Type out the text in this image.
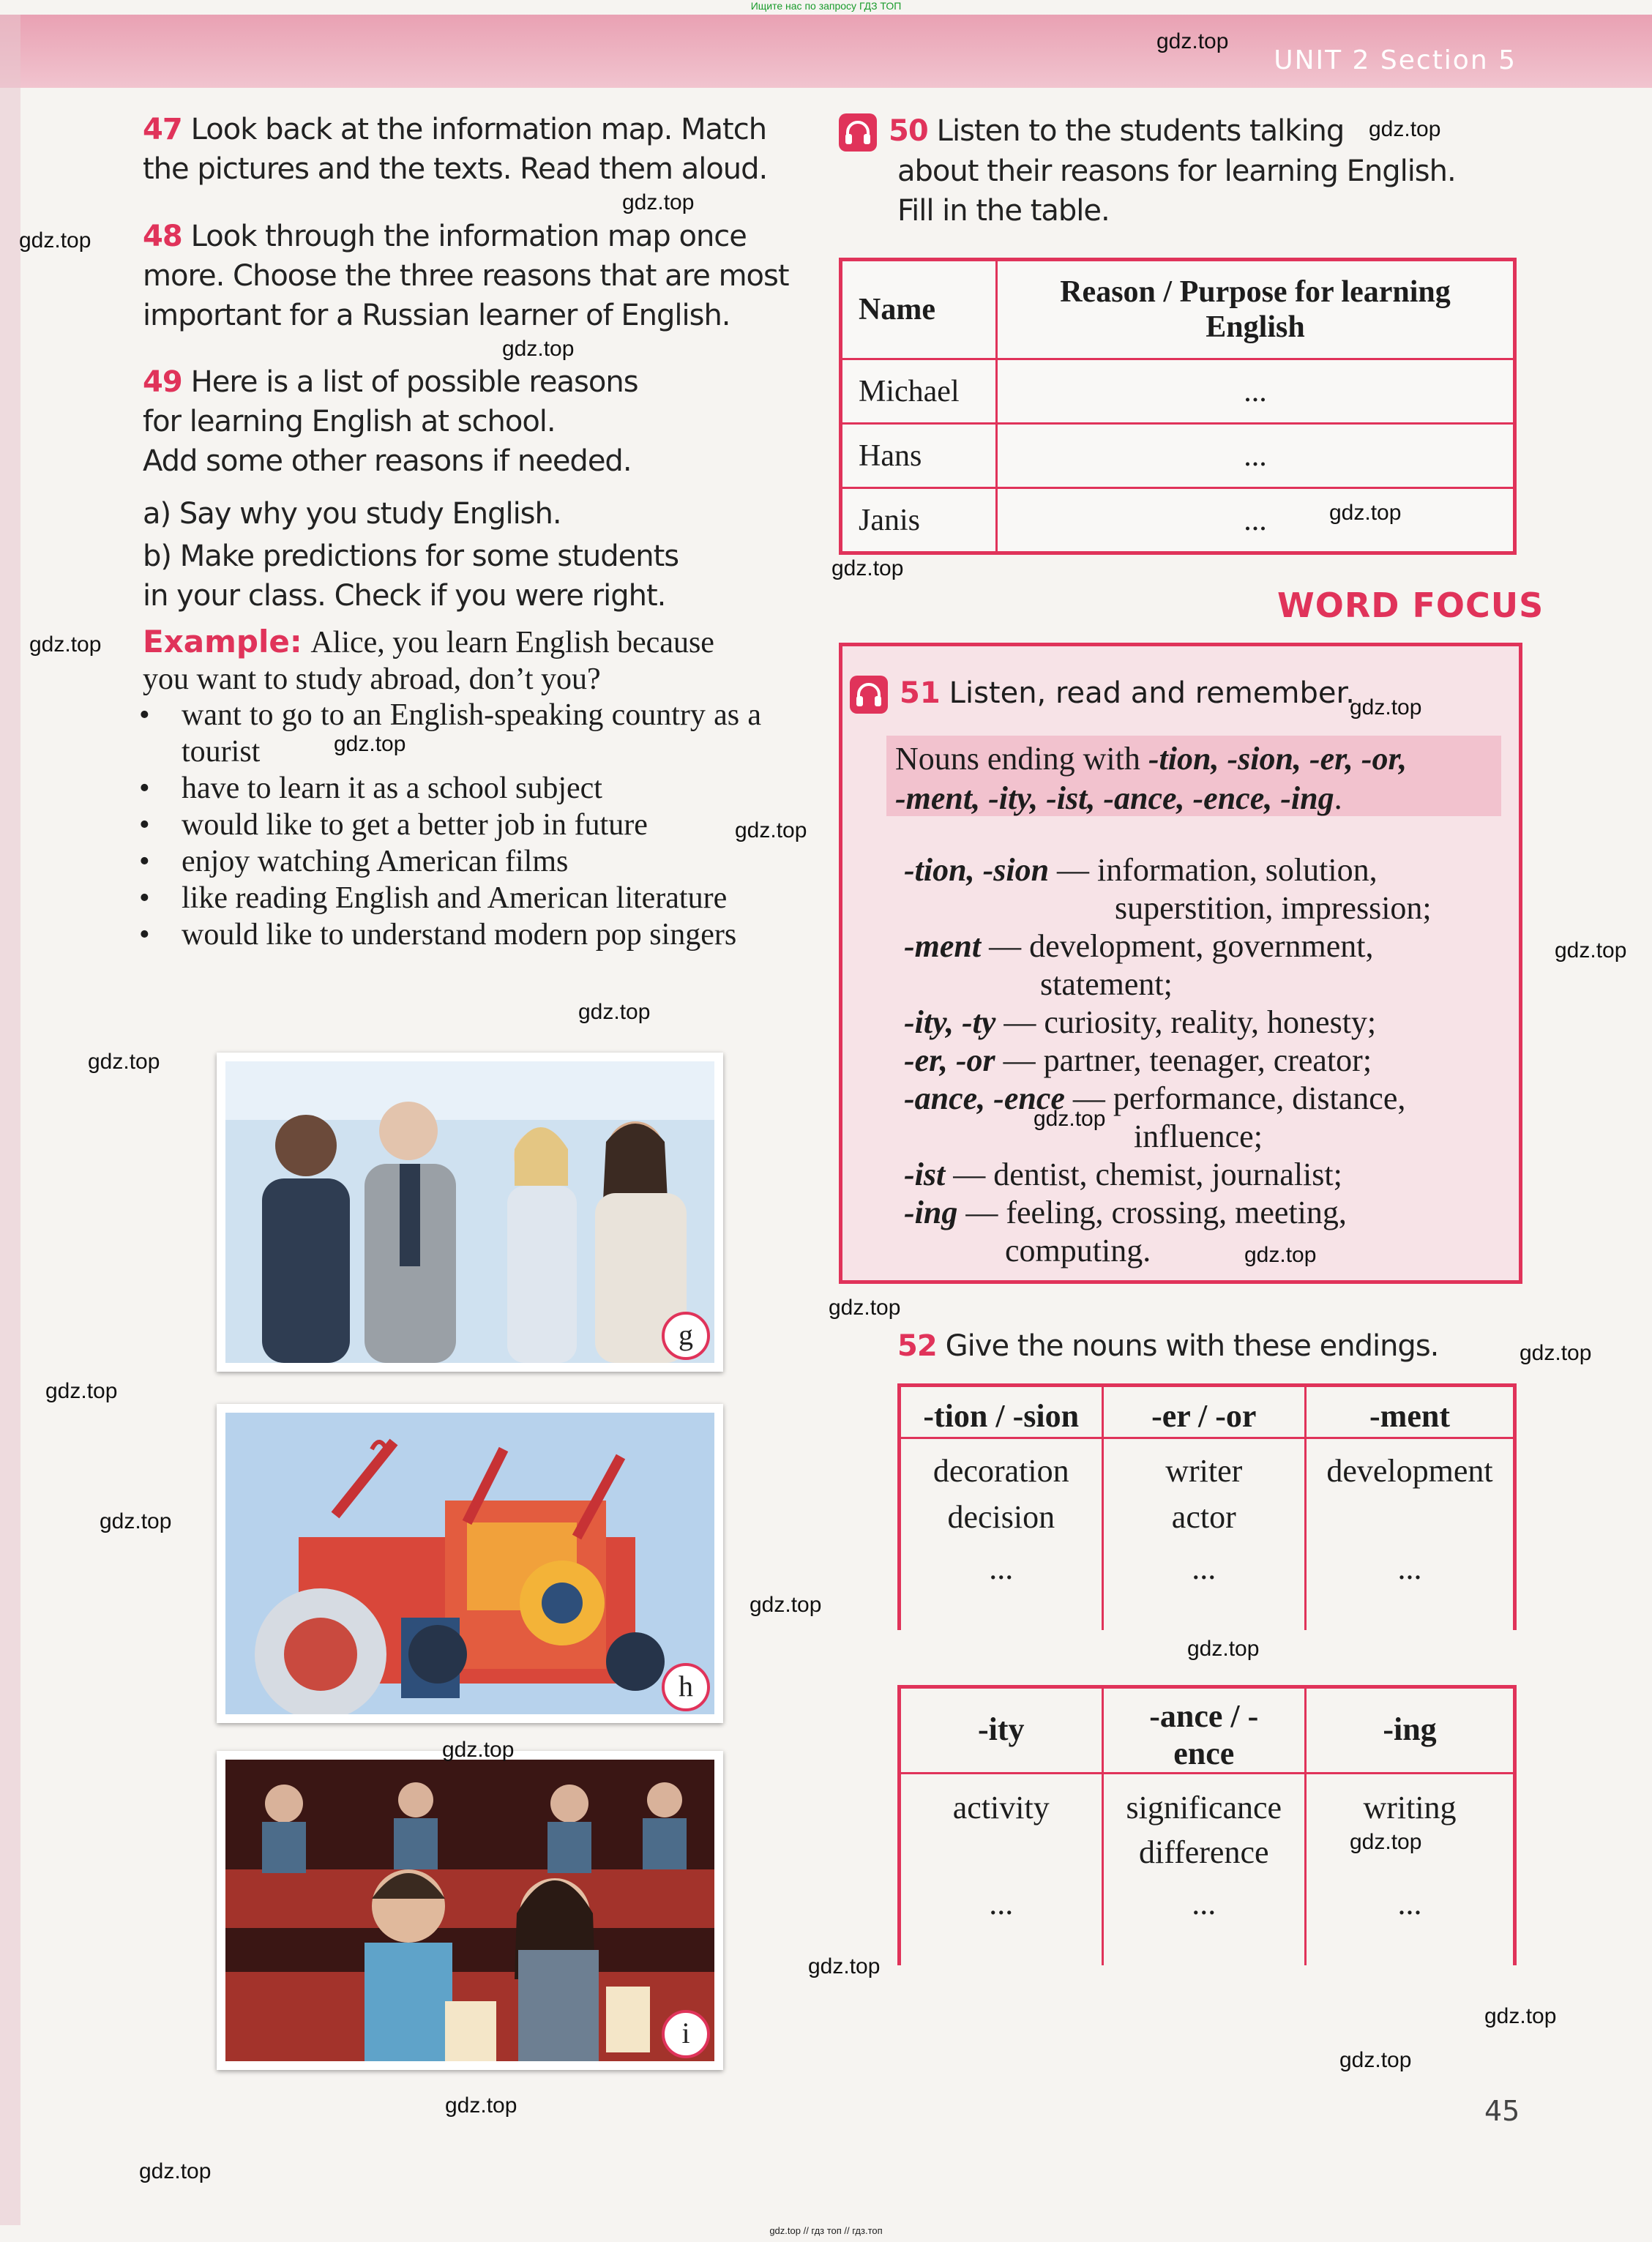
Ищите нас по запросу ГДЗ ТОП
UNIT 2 Section 5
47 Look back at the information map. Match
the pictures and the texts. Read them aloud.
48 Look through the information map once
more. Choose the three reasons that are most
important for a Russian learner of English.
49 Here is a list of possible reasons
for learning English at school.
Add some other reasons if needed.
a) Say why you study English.
b) Make predictions for some students
in your class. Check if you were right.
Example: Alice, you learn English because
you want to study abroad, don’t you?
• want to go to an English-speaking country as a tourist
• have to learn it as a school subject
• would like to get a better job in future
• enjoy watching American films
• like reading English and American literature
• would like to understand modern pop singers
g
h
i
50 Listen to the students talking
about their reasons for learning English.
Fill in the table.
Name	Reason / Purpose for learning English
Michael	...
Hans	...
Janis	...
WORD FOCUS
51 Listen, read and remember.
Nouns ending with -tion, -sion, -er, -or,
-ment, -ity, -ist, -ance, -ence, -ing.
-tion, -sion — information, solution,
superstition, impression;
-ment — development, government,
statement;
-ity, -ty — curiosity, reality, honesty;
-er, -or — partner, teenager, creator;
-ance, -ence — performance, distance,
influence;
-ist — dentist, chemist, journalist;
-ing — feeling, crossing, meeting,
computing.
52 Give the nouns with these endings.
-tion / -sion	-er / -or	-ment
decoration	writer	development
decision	actor	
...	...	...
-ity	-ance / -ence	-ing
activity	significance	writing
	difference	
...	...	...
45
gdz.top
gdz.top
gdz.top
gdz.top
gdz.top
gdz.top
gdz.top
gdz.top
gdz.top
gdz.top
gdz.top
gdz.top
gdz.top
gdz.top
gdz.top
gdz.top
gdz.top
gdz.top
gdz.top
gdz.top
gdz.top
gdz.top
gdz.top
gdz.top
gdz.top
gdz.top
gdz.top
gdz.top
gdz.top
gdz.top // гдз топ // гдз.топ
